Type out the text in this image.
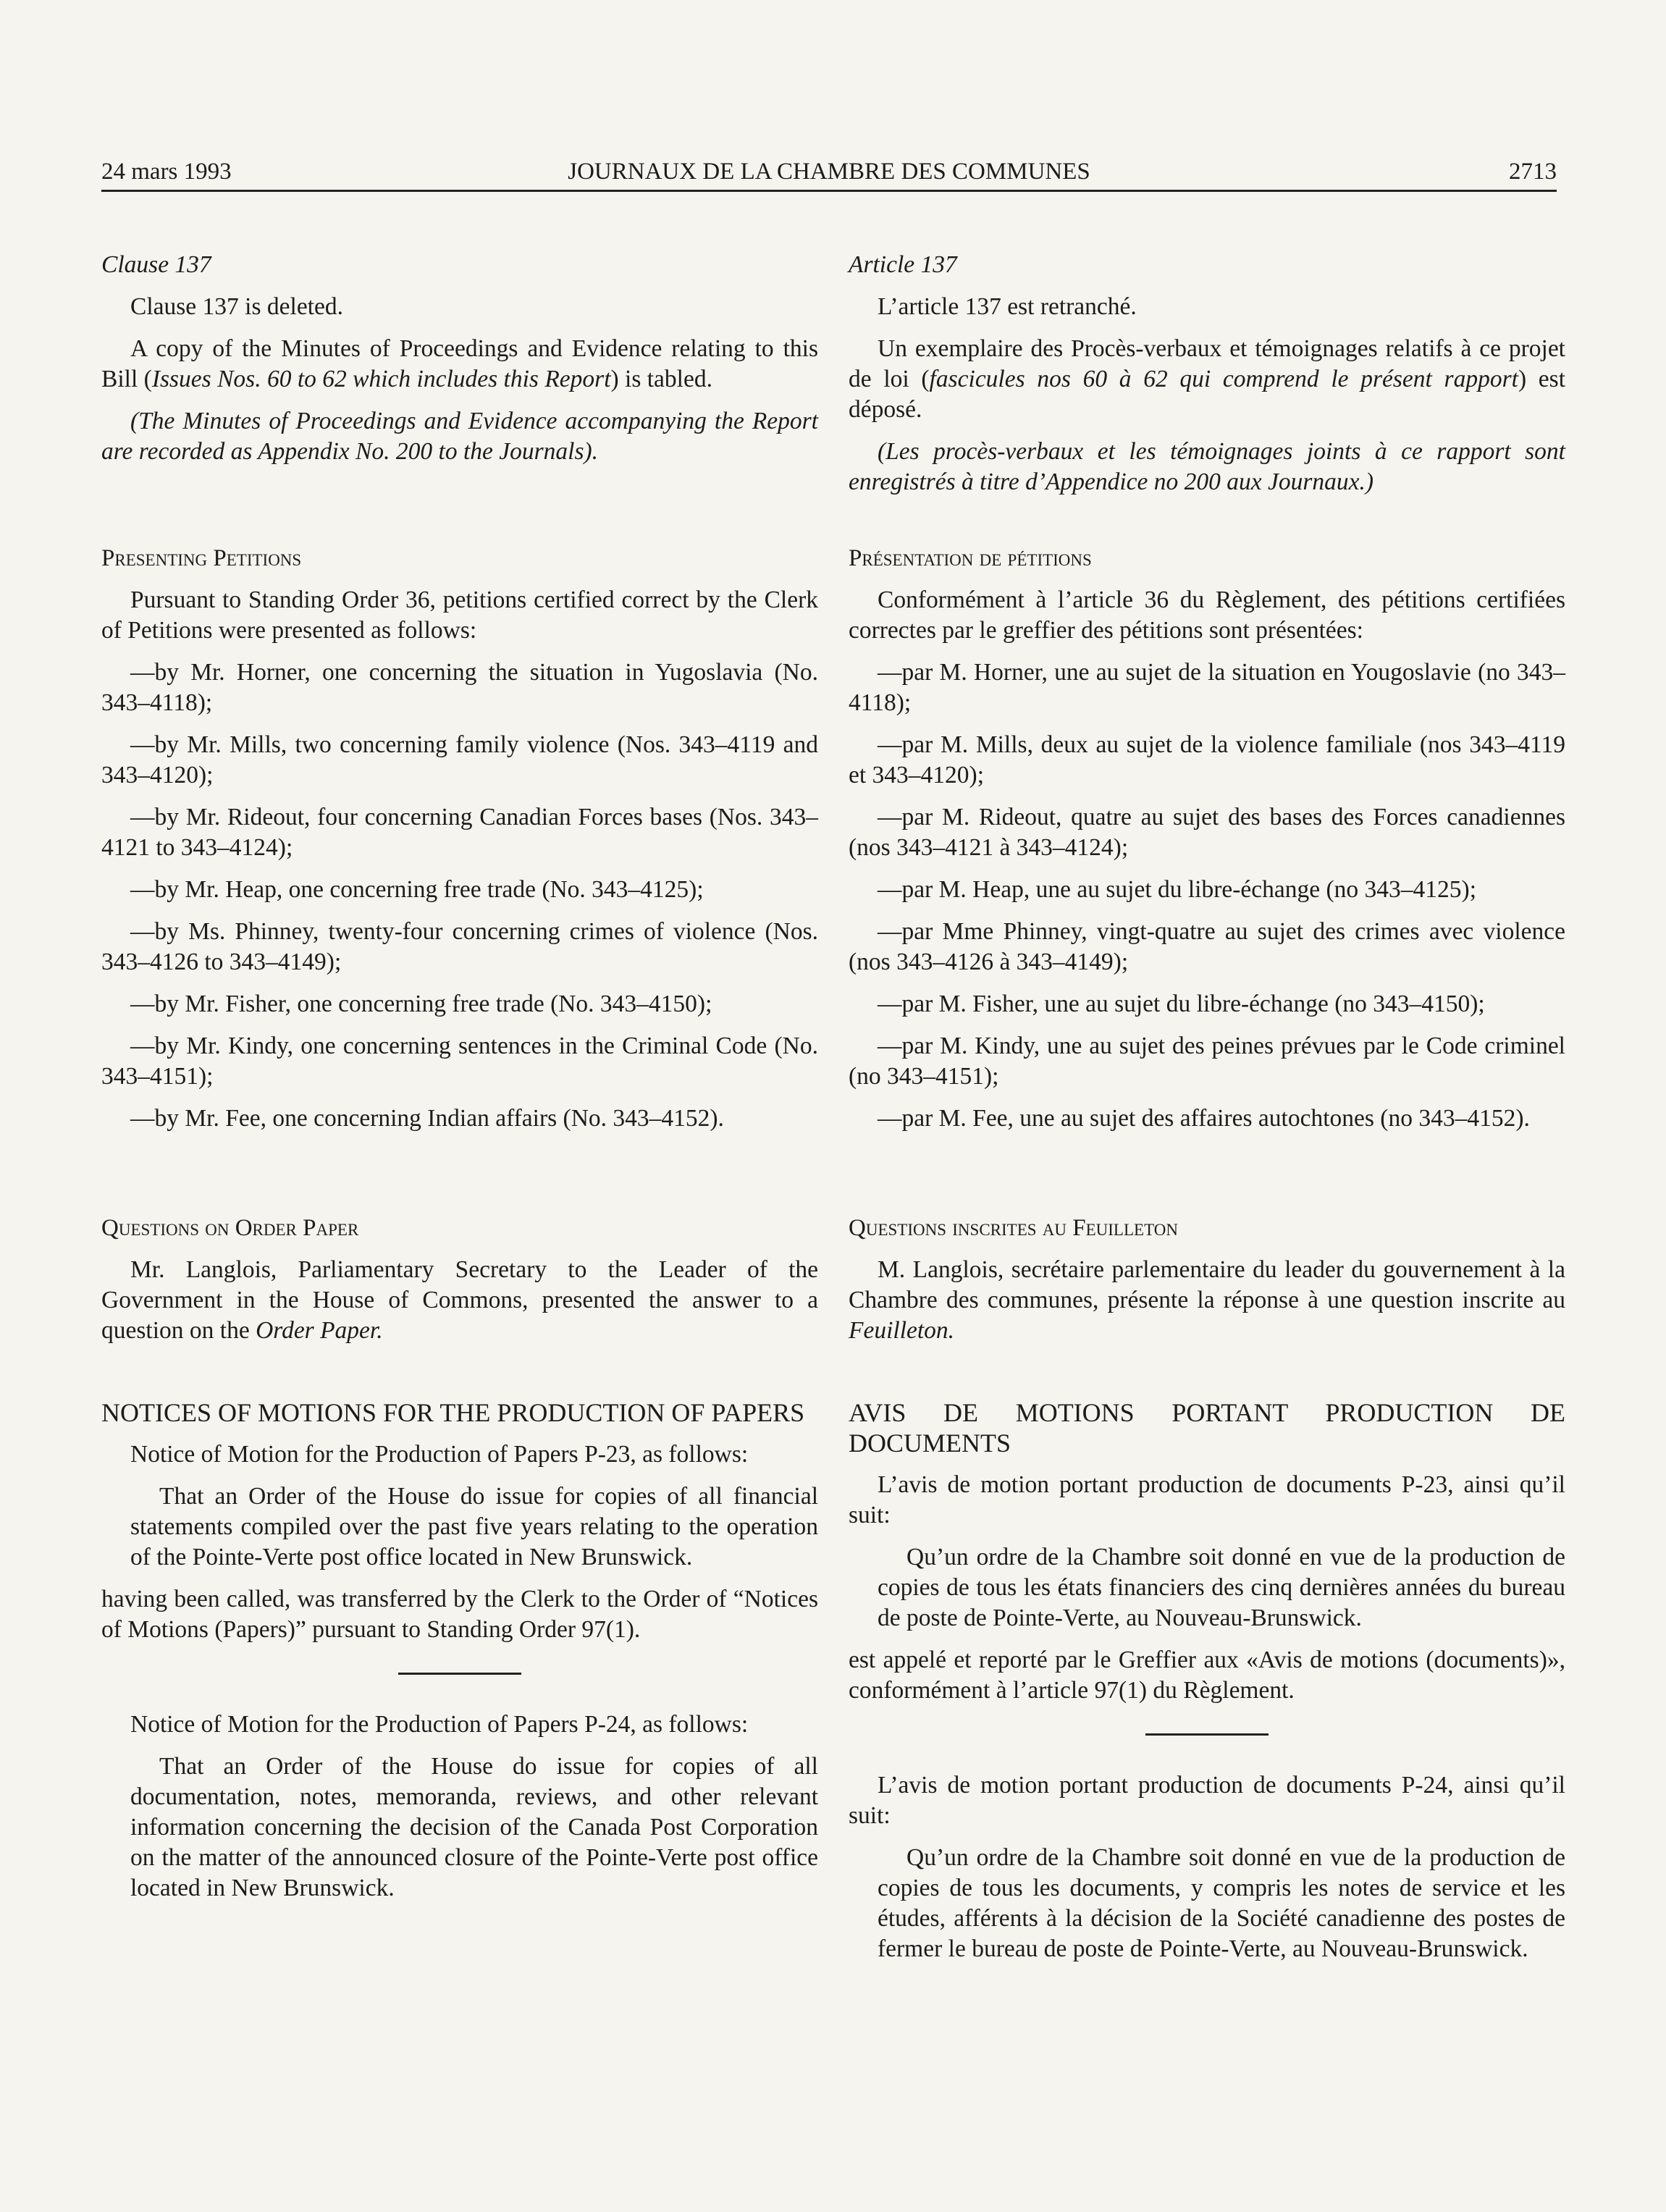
24 mars 1993	JOURNAUX DE LA CHAMBRE DES COMMUNES	2713

Clause 137

Clause 137 is deleted.

A copy of the Minutes of Proceedings and Evidence relating to this Bill (Issues Nos. 60 to 62 which includes this Report) is tabled.

(The Minutes of Proceedings and Evidence accompanying the Report are recorded as Appendix No. 200 to the Journals).

Presenting Petitions

Pursuant to Standing Order 36, petitions certified correct by the Clerk of Petitions were presented as follows:

—by Mr. Horner, one concerning the situation in Yugoslavia (No. 343–4118);

—by Mr. Mills, two concerning family violence (Nos. 343–4119 and 343–4120);

—by Mr. Rideout, four concerning Canadian Forces bases (Nos. 343–4121 to 343–4124);

—by Mr. Heap, one concerning free trade (No. 343–4125);

—by Ms. Phinney, twenty-four concerning crimes of violence (Nos. 343–4126 to 343–4149);

—by Mr. Fisher, one concerning free trade (No. 343–4150);

—by Mr. Kindy, one concerning sentences in the Criminal Code (No. 343–4151);

—by Mr. Fee, one concerning Indian affairs (No. 343–4152).

Questions on Order Paper

Mr. Langlois, Parliamentary Secretary to the Leader of the Government in the House of Commons, presented the answer to a question on the Order Paper.

NOTICES OF MOTIONS FOR THE PRODUCTION OF PAPERS

Notice of Motion for the Production of Papers P-23, as follows:

That an Order of the House do issue for copies of all financial statements compiled over the past five years relating to the operation of the Pointe-Verte post office located in New Brunswick.

having been called, was transferred by the Clerk to the Order of “Notices of Motions (Papers)” pursuant to Standing Order 97(1).

Notice of Motion for the Production of Papers P-24, as follows:

That an Order of the House do issue for copies of all documentation, notes, memoranda, reviews, and other relevant information concerning the decision of the Canada Post Corporation on the matter of the announced closure of the Pointe-Verte post office located in New Brunswick.

Article 137

L’article 137 est retranché.

Un exemplaire des Procès-verbaux et témoignages relatifs à ce projet de loi (fascicules nos 60 à 62 qui comprend le présent rapport) est déposé.

(Les procès-verbaux et les témoignages joints à ce rapport sont enregistrés à titre d’Appendice no 200 aux Journaux.)

Présentation de pétitions

Conformément à l’article 36 du Règlement, des pétitions certifiées correctes par le greffier des pétitions sont présentées:

—par M. Horner, une au sujet de la situation en Yougoslavie (no 343–4118);

—par M. Mills, deux au sujet de la violence familiale (nos 343–4119 et 343–4120);

—par M. Rideout, quatre au sujet des bases des Forces canadiennes (nos 343–4121 à 343–4124);

—par M. Heap, une au sujet du libre-échange (no 343–4125);

—par Mme Phinney, vingt-quatre au sujet des crimes avec violence (nos 343–4126 à 343–4149);

—par M. Fisher, une au sujet du libre-échange (no 343–4150);

—par M. Kindy, une au sujet des peines prévues par le Code criminel (no 343–4151);

—par M. Fee, une au sujet des affaires autochtones (no 343–4152).

Questions inscrites au Feuilleton

M. Langlois, secrétaire parlementaire du leader du gouvernement à la Chambre des communes, présente la réponse à une question inscrite au Feuilleton.

AVIS DE MOTIONS PORTANT PRODUCTION DE DOCUMENTS

L’avis de motion portant production de documents P-23, ainsi qu’il suit:

Qu’un ordre de la Chambre soit donné en vue de la production de copies de tous les états financiers des cinq dernières années du bureau de poste de Pointe-Verte, au Nouveau-Brunswick.

est appelé et reporté par le Greffier aux «Avis de motions (documents)», conformément à l’article 97(1) du Règlement.

L’avis de motion portant production de documents P-24, ainsi qu’il suit:

Qu’un ordre de la Chambre soit donné en vue de la production de copies de tous les documents, y compris les notes de service et les études, afférents à la décision de la Société canadienne des postes de fermer le bureau de poste de Pointe-Verte, au Nouveau-Brunswick.
